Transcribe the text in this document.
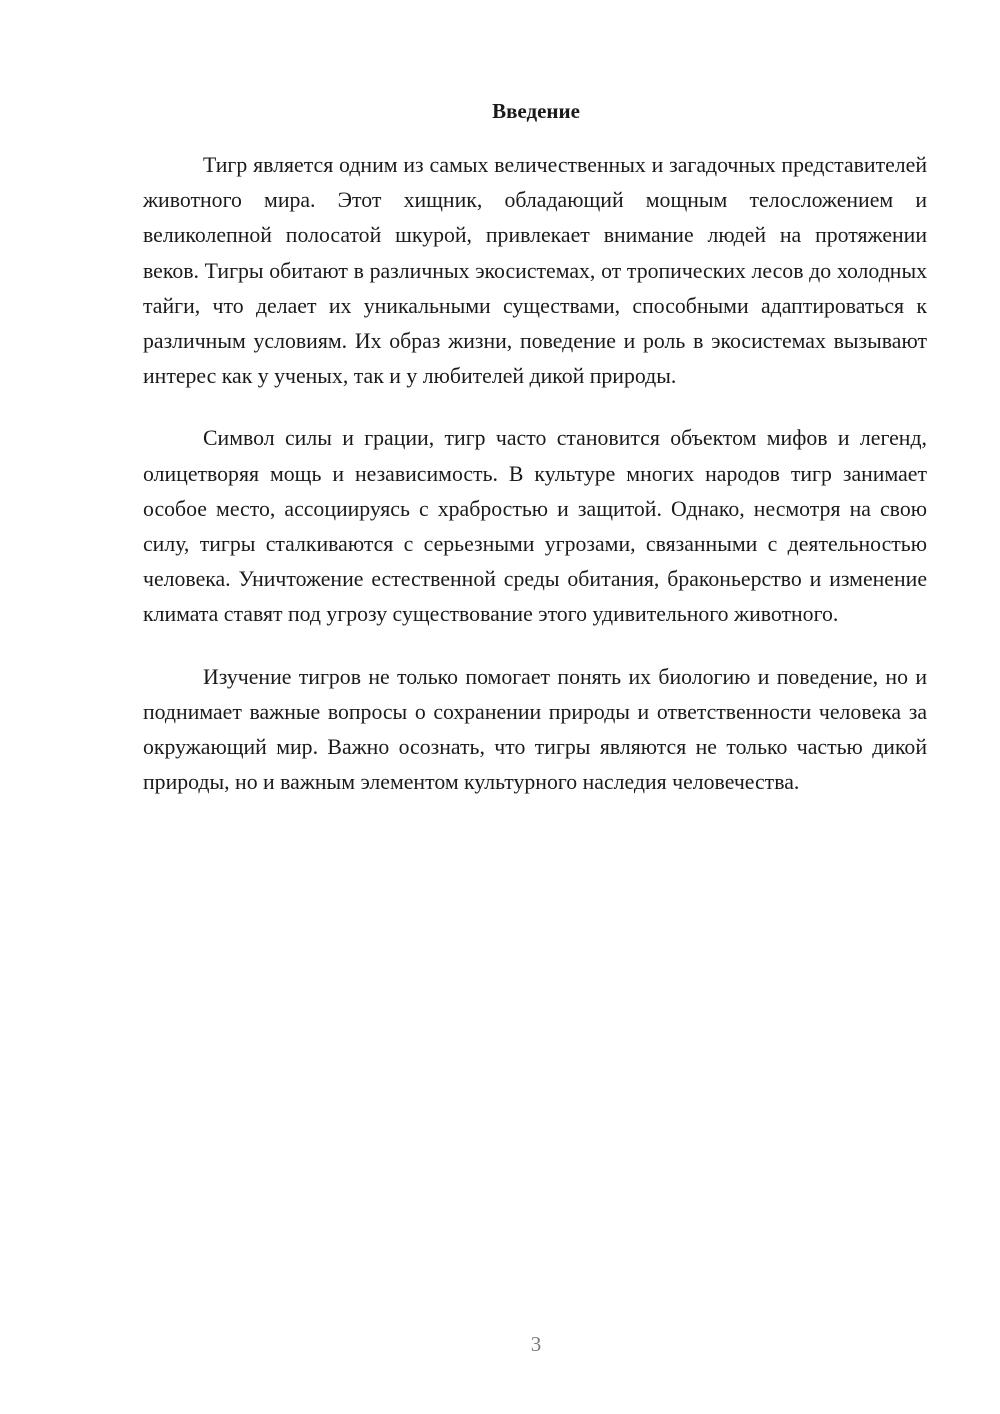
Введение

Тигр является одним из самых величественных и загадочных представителей животного мира. Этот хищник, обладающий мощным телосложением и великолепной полосатой шкурой, привлекает внимание людей на протяжении веков. Тигры обитают в различных экосистемах, от тропических лесов до холодных тайги, что делает их уникальными существами, способными адаптироваться к различным условиям. Их образ жизни, поведение и роль в экосистемах вызывают интерес как у ученых, так и у любителей дикой природы.

Символ силы и грации, тигр часто становится объектом мифов и легенд, олицетворяя мощь и независимость. В культуре многих народов тигр занимает особое место, ассоциируясь с храбростью и защитой. Однако, несмотря на свою силу, тигры сталкиваются с серьезными угрозами, связанными с деятельностью человека. Уничтожение естественной среды обитания, браконьерство и изменение климата ставят под угрозу существование этого удивительного животного.

Изучение тигров не только помогает понять их биологию и поведение, но и поднимает важные вопросы о сохранении природы и ответственности человека за окружающий мир. Важно осознать, что тигры являются не только частью дикой природы, но и важным элементом культурного наследия человечества.

3
